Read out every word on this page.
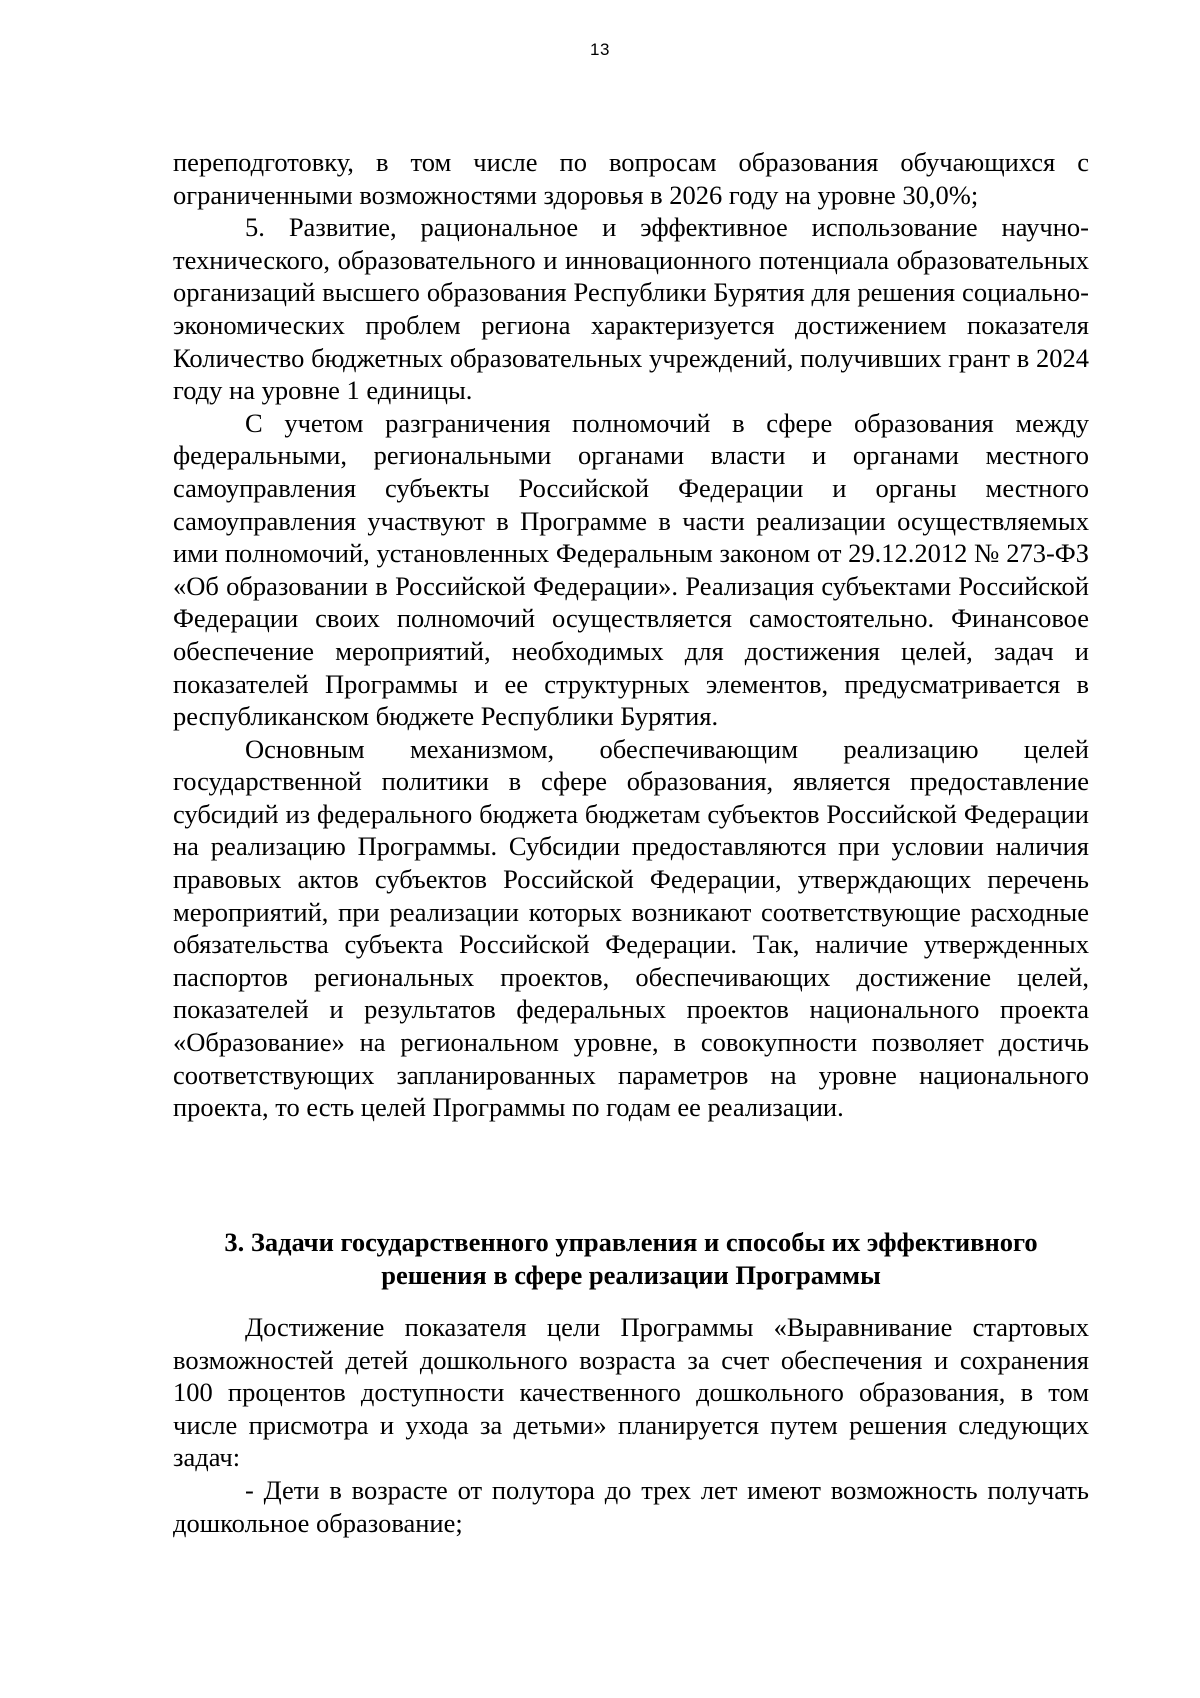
13

переподготовку, в том числе по вопросам образования обучающихся с ограниченными возможностями здоровья в 2026 году на уровне 30,0%;

5. Развитие, рациональное и эффективное использование научно-технического, образовательного и инновационного потенциала образовательных организаций высшего образования Республики Бурятия для решения социально-экономических проблем региона характеризуется достижением показателя Количество бюджетных образовательных учреждений, получивших грант в 2024 году на уровне 1 единицы.

С учетом разграничения полномочий в сфере образования между федеральными, региональными органами власти и органами местного самоуправления субъекты Российской Федерации и органы местного самоуправления участвуют в Программе в части реализации осуществляемых ими полномочий, установленных Федеральным законом от 29.12.2012 № 273-ФЗ «Об образовании в Российской Федерации». Реализация субъектами Российской Федерации своих полномочий осуществляется самостоятельно. Финансовое обеспечение мероприятий, необходимых для достижения целей, задач и показателей Программы и ее структурных элементов, предусматривается в республиканском бюджете Республики Бурятия.

Основным механизмом, обеспечивающим реализацию целей государственной политики в сфере образования, является предоставление субсидий из федерального бюджета бюджетам субъектов Российской Федерации на реализацию Программы. Субсидии предоставляются при условии наличия правовых актов субъектов Российской Федерации, утверждающих перечень мероприятий, при реализации которых возникают соответствующие расходные обязательства субъекта Российской Федерации. Так, наличие утвержденных паспортов региональных проектов, обеспечивающих достижение целей, показателей и результатов федеральных проектов национального проекта «Образование» на региональном уровне, в совокупности позволяет достичь соответствующих запланированных параметров на уровне национального проекта, то есть целей Программы по годам ее реализации.

3. Задачи государственного управления и способы их эффективного
решения в сфере реализации Программы

Достижение показателя цели Программы «Выравнивание стартовых возможностей детей дошкольного возраста за счет обеспечения и сохранения 100 процентов доступности качественного дошкольного образования, в том числе присмотра и ухода за детьми» планируется путем решения следующих задач:

- Дети в возрасте от полутора до трех лет имеют возможность получать дошкольное образование;
